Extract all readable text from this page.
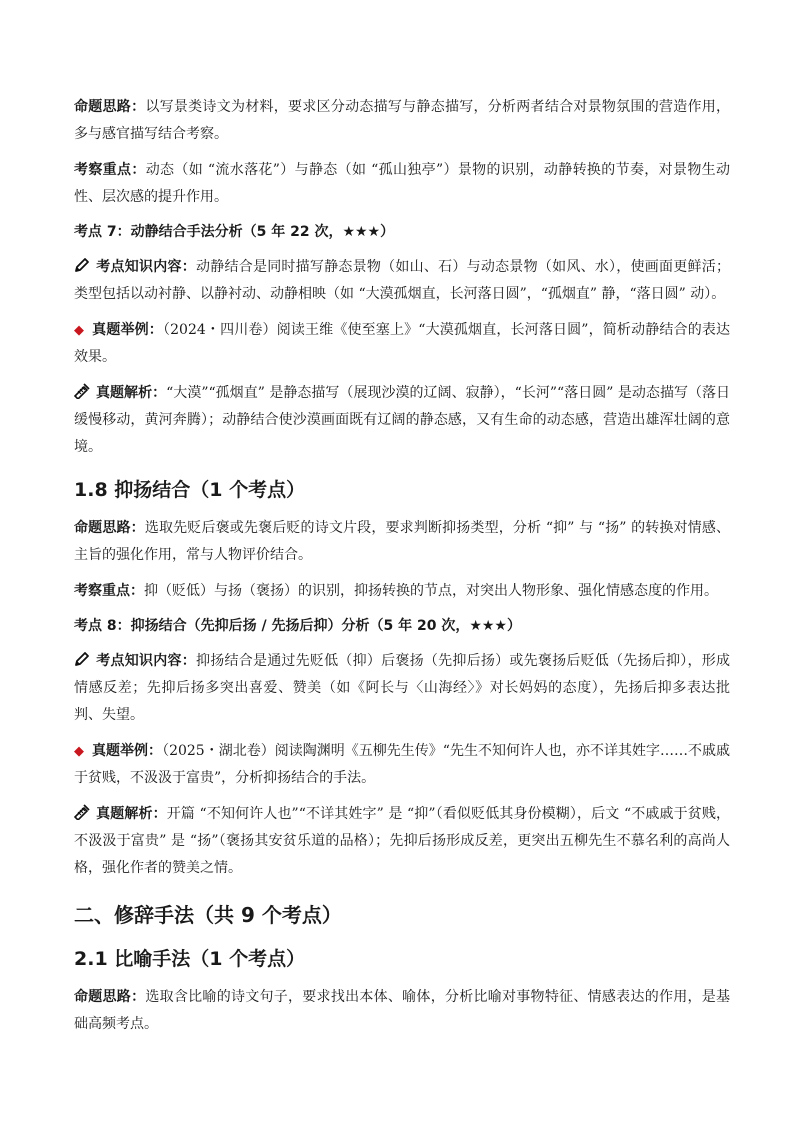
命题思路：以写景类诗文为材料，要求区分动态描写与静态描写，分析两者结合对景物氛围的营造作用，多与感官描写结合考察。

考察重点：动态（如 “流水落花”）与静态（如 “孤山独亭”）景物的识别，动静转换的节奏，对景物生动性、层次感的提升作用。

考点 7：动静结合手法分析（5 年 22 次，★★★）

考点知识内容：动静结合是同时描写静态景物（如山、石）与动态景物（如风、水），使画面更鲜活；类型包括以动衬静、以静衬动、动静相映（如 “大漠孤烟直，长河落日圆”，“孤烟直” 静，“落日圆” 动）。

◆ 真题举例：（2024・四川卷）阅读王维《使至塞上》“大漠孤烟直，长河落日圆”，简析动静结合的表达效果。

真题解析：“大漠”“孤烟直” 是静态描写（展现沙漠的辽阔、寂静），“长河”“落日圆” 是动态描写（落日缓慢移动，黄河奔腾）；动静结合使沙漠画面既有辽阔的静态感，又有生命的动态感，营造出雄浑壮阔的意境。

1.8 抑扬结合（1 个考点）

命题思路：选取先贬后褒或先褒后贬的诗文片段，要求判断抑扬类型，分析 “抑” 与 “扬” 的转换对情感、主旨的强化作用，常与人物评价结合。

考察重点：抑（贬低）与扬（褒扬）的识别，抑扬转换的节点，对突出人物形象、强化情感态度的作用。

考点 8：抑扬结合（先抑后扬 / 先扬后抑）分析（5 年 20 次，★★★）

考点知识内容：抑扬结合是通过先贬低（抑）后褒扬（先抑后扬）或先褒扬后贬低（先扬后抑），形成情感反差；先抑后扬多突出喜爱、赞美（如《阿长与〈山海经〉》对长妈妈的态度），先扬后抑多表达批判、失望。

◆ 真题举例：（2025・湖北卷）阅读陶渊明《五柳先生传》“先生不知何许人也，亦不详其姓字……不戚戚于贫贱，不汲汲于富贵”，分析抑扬结合的手法。

真题解析：开篇 “不知何许人也”“不详其姓字” 是 “抑”（看似贬低其身份模糊），后文 “不戚戚于贫贱，不汲汲于富贵” 是 “扬”（褒扬其安贫乐道的品格）；先抑后扬形成反差，更突出五柳先生不慕名利的高尚人格，强化作者的赞美之情。

二、修辞手法（共 9 个考点）
2.1 比喻手法（1 个考点）

命题思路：选取含比喻的诗文句子，要求找出本体、喻体，分析比喻对事物特征、情感表达的作用，是基础高频考点。
